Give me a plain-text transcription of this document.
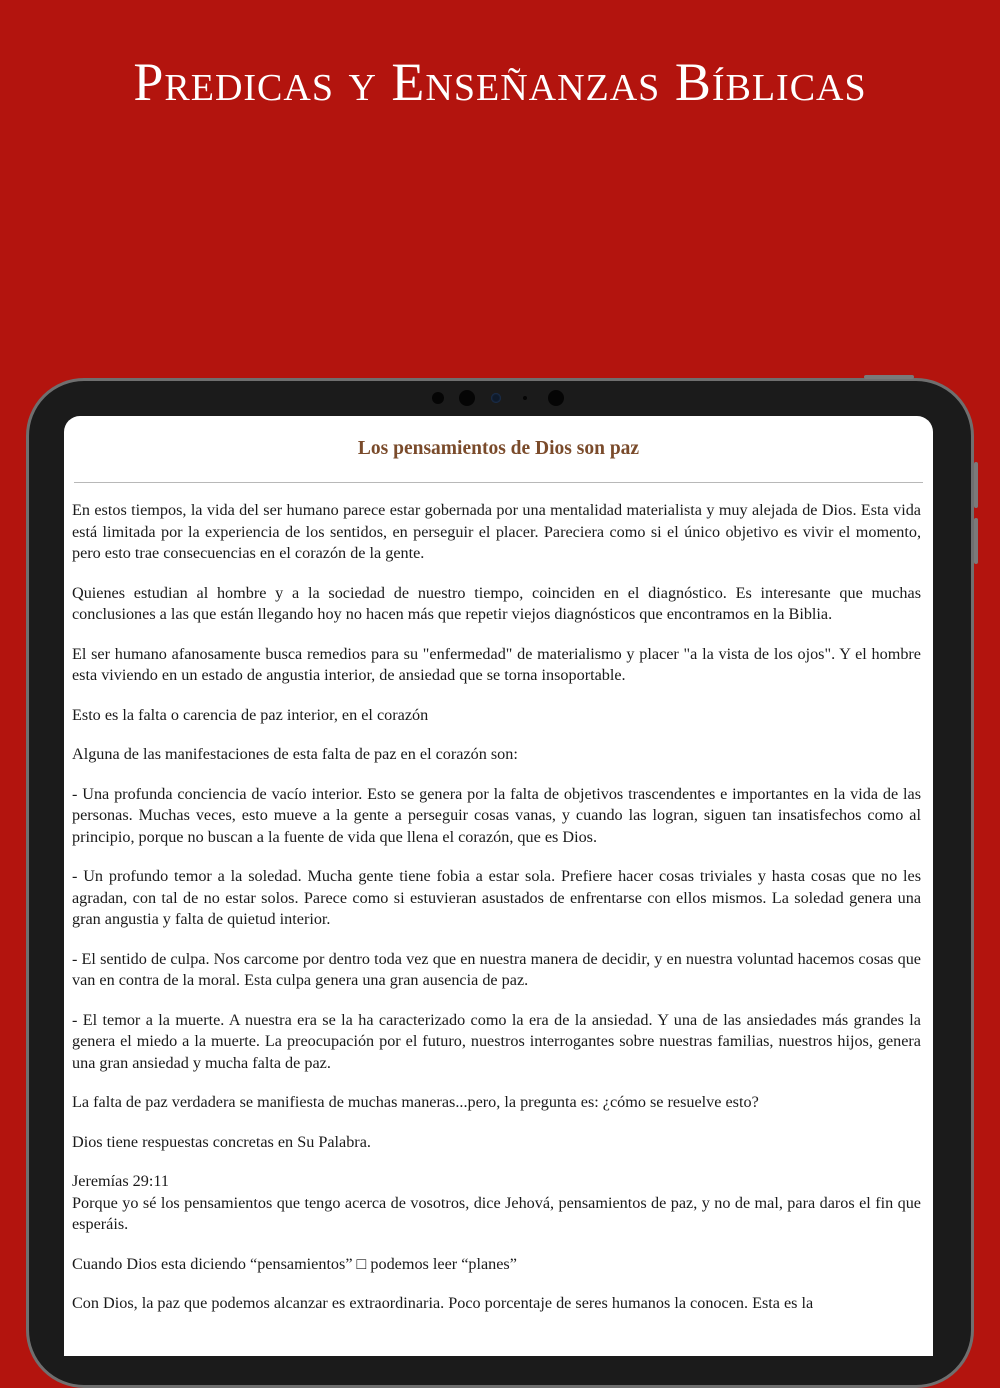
Predicas y Enseñanzas Bíblicas
Los pensamientos de Dios son paz

En estos tiempos, la vida del ser humano parece estar gobernada por una mentalidad materialista y muy alejada de Dios. Esta vida está limitada por la experiencia de los sentidos, en perseguir el placer. Pareciera como si el único objetivo es vivir el momento, pero esto trae consecuencias en el corazón de la gente.

Quienes estudian al hombre y a la sociedad de nuestro tiempo, coinciden en el diagnóstico. Es interesante que muchas conclusiones a las que están llegando hoy no hacen más que repetir viejos diagnósticos que encontramos en la Biblia.

El ser humano afanosamente busca remedios para su "enfermedad" de materialismo y placer "a la vista de los ojos". Y el hombre esta viviendo en un estado de angustia interior, de ansiedad que se torna insoportable.

Esto es la falta o carencia de paz interior, en el corazón

Alguna de las manifestaciones de esta falta de paz en el corazón son:

- Una profunda conciencia de vacío interior. Esto se genera por la falta de objetivos trascendentes e importantes en la vida de las personas. Muchas veces, esto mueve a la gente a perseguir cosas vanas, y cuando las logran, siguen tan insatisfechos como al principio, porque no buscan a la fuente de vida que llena el corazón, que es Dios.

- Un profundo temor a la soledad. Mucha gente tiene fobia a estar sola. Prefiere hacer cosas triviales y hasta cosas que no les agradan, con tal de no estar solos. Parece como si estuvieran asustados de enfrentarse con ellos mismos. La soledad genera una gran angustia y falta de quietud interior.

- El sentido de culpa. Nos carcome por dentro toda vez que en nuestra manera de decidir, y en nuestra voluntad hacemos cosas que van en contra de la moral. Esta culpa genera una gran ausencia de paz.

- El temor a la muerte. A nuestra era se la ha caracterizado como la era de la ansiedad. Y una de las ansiedades más grandes la genera el miedo a la muerte. La preocupación por el futuro, nuestros interrogantes sobre nuestras familias, nuestros hijos, genera una gran ansiedad y mucha falta de paz.

La falta de paz verdadera se manifiesta de muchas maneras...pero, la pregunta es: ¿cómo se resuelve esto?

Dios tiene respuestas concretas en Su Palabra.

Jeremías 29:11
Porque yo sé los pensamientos que tengo acerca de vosotros, dice Jehová, pensamientos de paz, y no de mal, para daros el fin que esperáis.

Cuando Dios esta diciendo “pensamientos” □ podemos leer “planes”

Con Dios, la paz que podemos alcanzar es extraordinaria. Poco porcentaje de seres humanos la conocen. Esta es la
